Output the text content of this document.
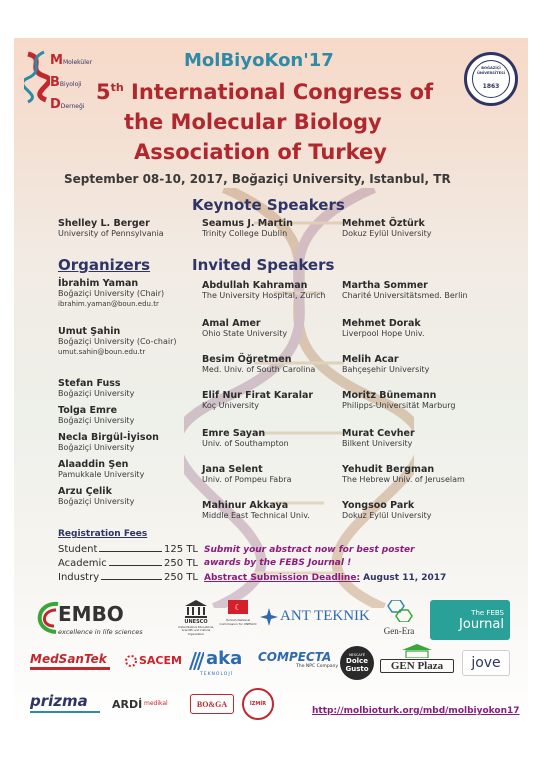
MMoleküler
BBiyoloji
DDerneği
BOĞAZİÇİ ÜNİVERSİTESİ
1863
MolBiyoKon'17
5th International Congress of
the Molecular Biology
Association of Turkey
September 08-10, 2017, Boğaziçi University, Istanbul, TR
Keynote Speakers
Shelley L. Berger
University of Pennsylvania
Seamus J. Martin
Trinity College Dublin
Mehmet Öztürk
Dokuz Eylül University
Organizers
İbrahim Yaman
Boğaziçi University (Chair)
ibrahim.yaman@boun.edu.tr
Umut Şahin
Boğaziçi University (Co-chair)
umut.sahin@boun.edu.tr
Stefan Fuss
Boğaziçi University
Tolga Emre
Boğaziçi University
Necla Birgül-İyison
Boğaziçi University
Alaaddin Şen
Pamukkale University
Arzu Çelik
Boğaziçi University
Invited Speakers
Abdullah Kahraman
The University Hospital, Zurich
Amal Amer
Ohio State University
Besim Öğretmen
Med. Univ. of South Carolina
Elif Nur Firat Karalar
Koç University
Emre Sayan
Univ. of Southampton
Jana Selent
Univ. of Pompeu Fabra
Mahinur Akkaya
Middle East Technical Univ.
Martha Sommer
Charité Universitätsmed. Berlin
Mehmet Dorak
Liverpool Hope Univ.
Melih Acar
Bahçeşehir University
Moritz Bünemann
Philipps-Universität Marburg
Murat Cevher
Bilkent University
Yehudit Bergman
The Hebrew Univ. of Jeruselam
Yongsoo Park
Dokuz Eylül University
Registration Fees
Student	125 TL
Academic	250 TL
Industry	250 TL
Submit your abstract now for best poster awards by the FEBS Journal !
Abstract Submission Deadline: August 11, 2017
EMBO
excellence in life sciences
UNESCO
United Nations Educational, Scientific and Cultural Organization
☾
Turkish National Commission for UNESCO ANT TEKNIK
Gen-Era
The FEBS
Journal
MedSanTek	SACEM aka
TEKNOLOJİ
COMPECTA
The NPC Company
NESCAFÉ
Dolce
Gusto	GEN Plaza	jove
prizma	ARDİ medikal	BO&GA	İZMİR
http://molbioturk.org/mbd/molbiyokon17
